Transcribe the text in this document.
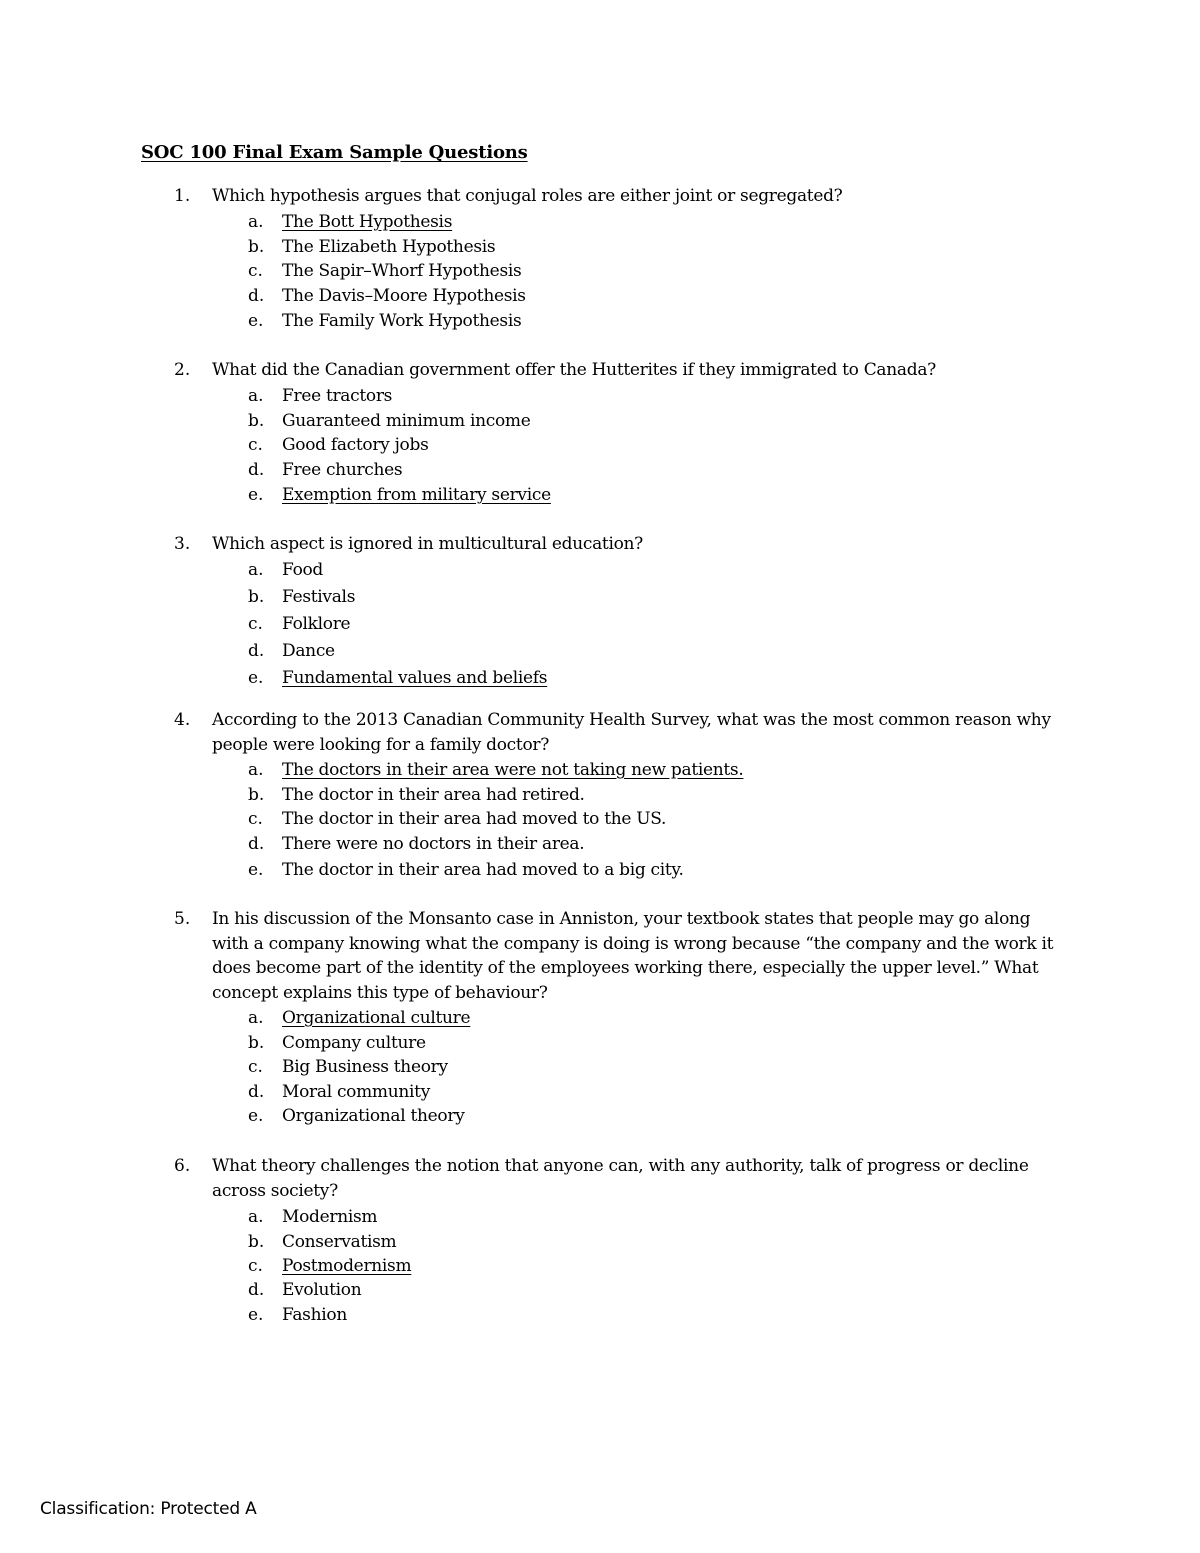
SOC 100 Final Exam Sample Questions
1.	Which hypothesis argues that conjugal roles are either joint or segregated?
a. The Bott Hypothesis
b. The Elizabeth Hypothesis
c. The Sapir–Whorf Hypothesis
d. The Davis–Moore Hypothesis
e. The Family Work Hypothesis
2.	What did the Canadian government offer the Hutterites if they immigrated to Canada?
a. Free tractors
b. Guaranteed minimum income
c. Good factory jobs
d. Free churches
e. Exemption from military service
3.	Which aspect is ignored in multicultural education?
a. Food
b. Festivals
c. Folklore
d. Dance
e. Fundamental values and beliefs
4.	According to the 2013 Canadian Community Health Survey, what was the most common reason why people were looking for a family doctor?
a. The doctors in their area were not taking new patients.
b. The doctor in their area had retired.
c. The doctor in their area had moved to the US.
d. There were no doctors in their area.
e. The doctor in their area had moved to a big city.
5.	In his discussion of the Monsanto case in Anniston, your textbook states that people may go along with a company knowing what the company is doing is wrong because “the company and the work it does become part of the identity of the employees working there, especially the upper level.” What concept explains this type of behaviour?
a. Organizational culture
b. Company culture
c. Big Business theory
d. Moral community
e. Organizational theory
6.	What theory challenges the notion that anyone can, with any authority, talk of progress or decline across society?
a. Modernism
b. Conservatism
c. Postmodernism
d. Evolution
e. Fashion
Classification: Protected A
